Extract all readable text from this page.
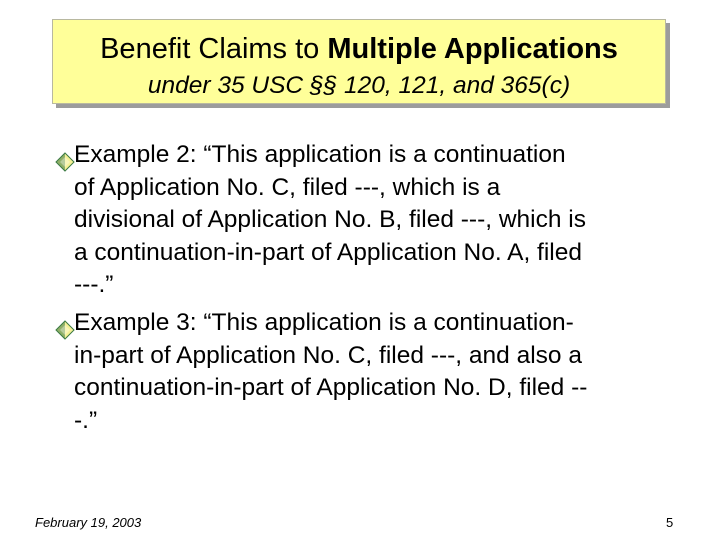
Benefit Claims to Multiple Applications
under 35 USC §§ 120, 121, and 365(c)
Example 2: “This application is a continuation
of Application No. C, filed ---, which is a
divisional of Application No. B, filed ---, which is
a continuation-in-part of Application No. A, filed
---.”
Example 3: “This application is a continuation-
in-part of Application No. C, filed ---, and also a
continuation-in-part of Application No. D, filed --
-.”
February 19, 2003	5
